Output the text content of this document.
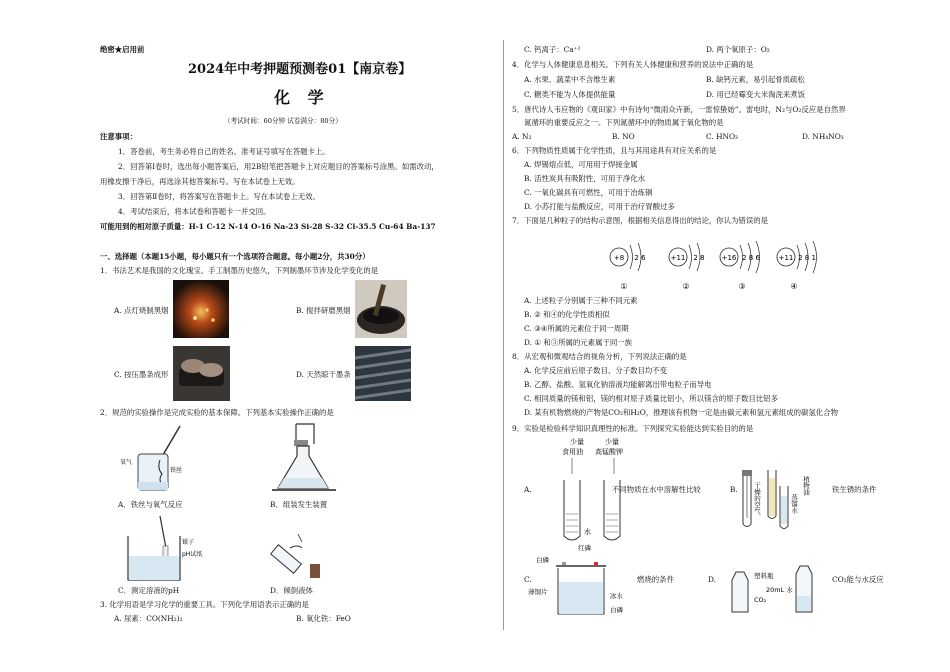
绝密★启用前
2024年中考押题预测卷01【南京卷】
化 学
（考试时间：60分钟 试卷满分：80分）
注意事项：
1．答卷前，考生务必将自己的姓名、准考证号填写在答题卡上。
2．回答第Ⅰ卷时，选出每小题答案后，用2B铅笔把答题卡上对应题目的答案标号涂黑。如需改动，
用橡皮擦干净后，再选涂其他答案标号。写在本试卷上无效。
3．回答第Ⅱ卷时，将答案写在答题卡上。写在本试卷上无效。
4．考试结束后，将本试卷和答题卡一并交回。
可能用到的相对原子质量：H-1 C-12 N-14 O-16 Na-23 Si-28 S-32 Cl-35.5 Cu-64 Ba-137
一、选择题（本题15小题，每小题只有一个选项符合题意。每小题2分，共30分）
1．书法艺术是我国的文化瑰宝。手工制墨历史悠久，下列制墨环节涉及化学变化的是
A. 点灯烧制黑烟	B. 搅拌研磨黑烟
C. 按压墨条成形	D. 天然晾干墨条
2．规范的实验操作是完成实验的基本保障。下列基本实验操作正确的是
氧气
铁丝
A．铁丝与氧气反应	B．组装发生装置
镊子
pH试纸
C．测定溶液的pH	D．倾倒液体
3. 化学用语是学习化学的重要工具。下列化学用语表示正确的是
A. 尿素：CO(NH₂)₂	B. 氧化铁：FeO
C. 钙离子：Ca⁺²	D. 两个氧原子：O₂
4．化学与人体健康息息相关。下列有关人体健康和营养的说法中正确的是
A. 水果、蔬菜中不含维生素	B. 缺钙元素，易引起骨质疏松
C. 糖类不能为人体提供能量	D. 用已经霉变大米淘洗来煮饭
5．唐代诗人韦应物的《观田家》中有诗句“微雨众卉新，一雷惊蛰始”。雷电时，N₂与O₂反应是自然界
氮循环的重要反应之一。下列氮循环中的物质属于氧化物的是
A. N₂	B. NO	C. HNO₃	D. NH₄NO₃
6．下列物质性质属于化学性质，且与其用途具有对应关系的是
A. 焊锡熔点低，可用用于焊接金属
B. 活性炭具有吸附性，可用于净化水
C. 一氧化碳具有可燃性，可用于冶炼铜
D. 小苏打能与盐酸反应，可用于治疗胃酸过多
7．下面是几种粒子的结构示意图，根据相关信息得出的结论，你认为错误的是
+8 2 6
①
+11 2 8
②
+16 2 8 6
③
+11 2 8 1
④
A. 上述粒子分别属于三种不同元素
B. ② 和④的化学性质相似
C. ③④所属的元素位于同一周期
D. ① 和③所属的元素属于同一族
8．从宏观和微观结合的视角分析，下列说法正确的是
A. 化学反应前后原子数目、分子数目均不变
B. 乙醇、盐酸、氢氧化钠溶液均能解离出带电粒子而导电
C. 相同质量的镁和铝，镁的相对原子质量比铝小，所以镁含的原子数目比铝多
D. 某有机物燃烧的产物是CO₂和H₂O，推理该有机物一定是由碳元素和氢元素组成的碳氢化合物
9．实验是检验科学知识真理性的标准。下列探究实验能达到实验目的的是
A.
少量
食用油
少量
高锰酸钾
水
不同物质在水中溶解性比较	B. 干燥的空气	蒸馏水
植物油	铁生锈的条件
C.
红磷
白磷
薄铜片	冰水
白磷
燃烧的条件	D.	塑料瓶
CO₂
20mL 水
CO₂能与水反应
